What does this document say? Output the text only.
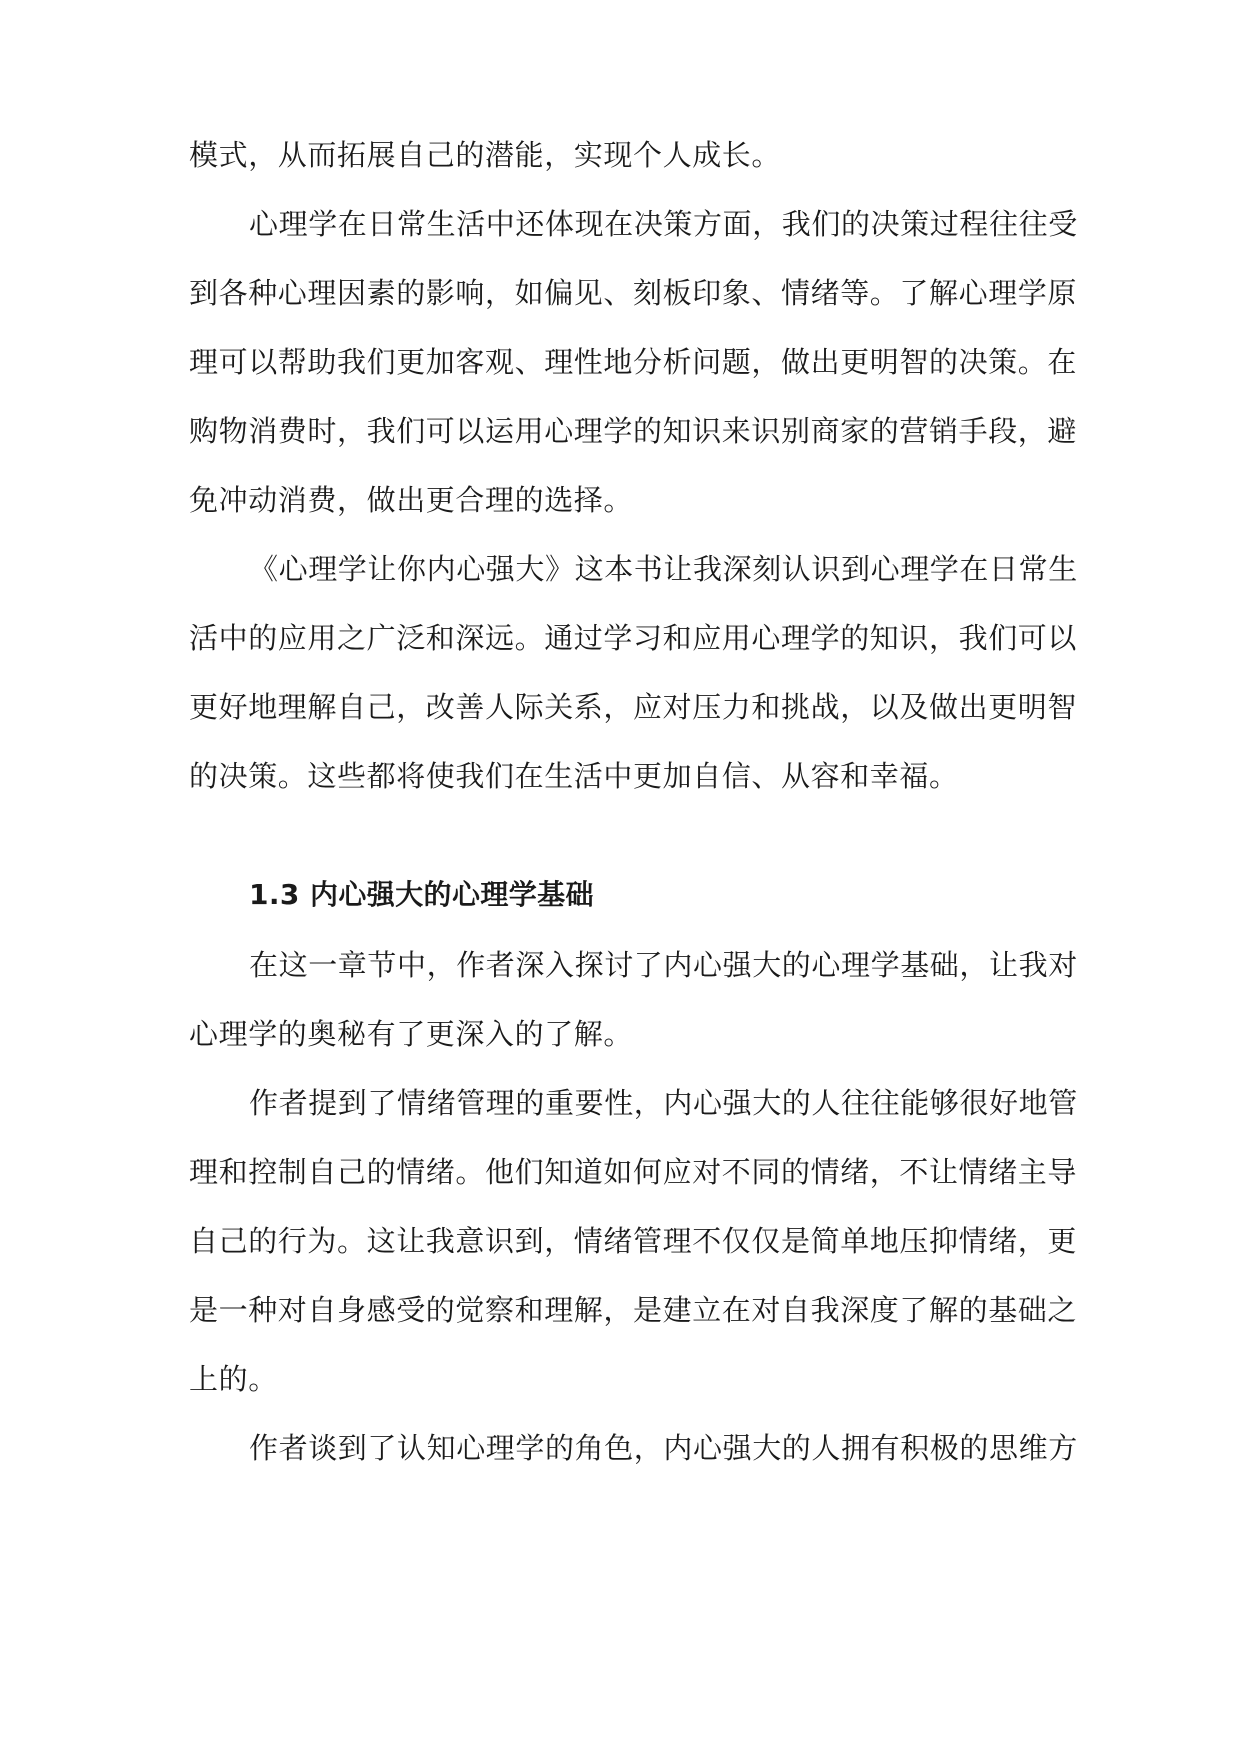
模式，从而拓展自己的潜能，实现个人成长。
心理学在日常生活中还体现在决策方面，我们的决策过程往往受
到各种心理因素的影响，如偏见、刻板印象、情绪等。了解心理学原
理可以帮助我们更加客观、理性地分析问题，做出更明智的决策。在
购物消费时，我们可以运用心理学的知识来识别商家的营销手段，避
免冲动消费，做出更合理的选择。
《心理学让你内心强大》这本书让我深刻认识到心理学在日常生
活中的应用之广泛和深远。通过学习和应用心理学的知识，我们可以
更好地理解自己，改善人际关系，应对压力和挑战，以及做出更明智
的决策。这些都将使我们在生活中更加自信、从容和幸福。
1.3 内心强大的心理学基础
在这一章节中，作者深入探讨了内心强大的心理学基础，让我对
心理学的奥秘有了更深入的了解。
作者提到了情绪管理的重要性，内心强大的人往往能够很好地管
理和控制自己的情绪。他们知道如何应对不同的情绪，不让情绪主导
自己的行为。这让我意识到，情绪管理不仅仅是简单地压抑情绪，更
是一种对自身感受的觉察和理解，是建立在对自我深度了解的基础之
上的。
作者谈到了认知心理学的角色，内心强大的人拥有积极的思维方
